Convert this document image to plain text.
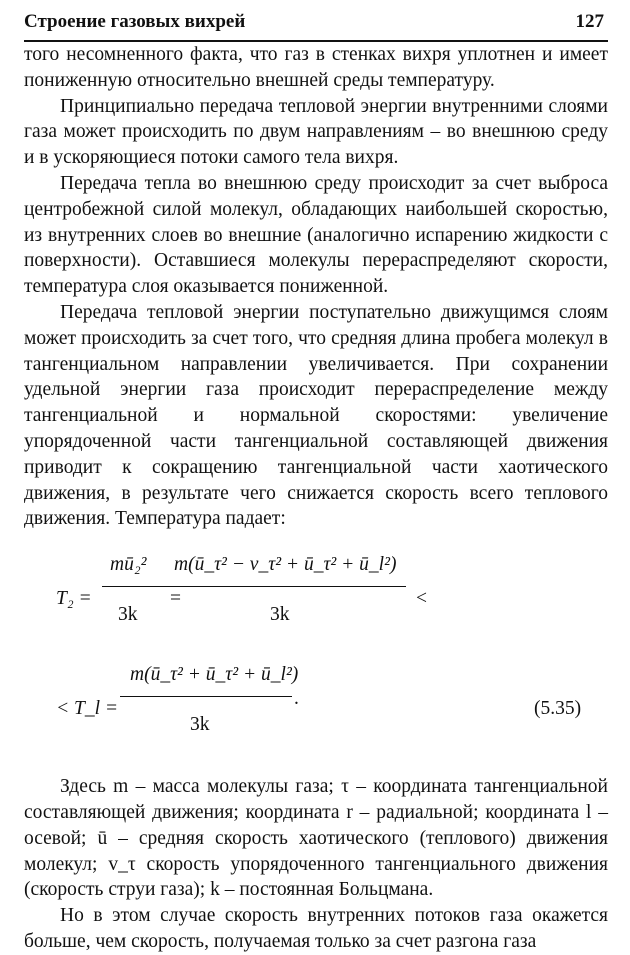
Строение газовых вихрей	127

того несомненного факта, что газ в стенках вихря уплотнен и имеет пониженную относительно внешней среды температуру.

Принципиально передача тепловой энергии внутренними слоями газа может происходить по двум направлениям – во внешнюю среду и в ускоряющиеся потоки самого тела вихря.

Передача тепла во внешнюю среду происходит за счет выброса центробежной силой молекул, обладающих наибольшей скоростью, из внутренних слоев во внешние (аналогично испарению жидкости с поверхности). Оставшиеся молекулы перераспределяют скорости, температура слоя оказывается пониженной.

Передача тепловой энергии поступательно движущимся слоям может происходить за счет того, что средняя длина пробега молекул в тангенциальном направлении увеличивается. При сохранении удельной энергии газа происходит перераспределение между тангенциальной и нормальной скоростями: увеличение упорядоченной части тангенциальной составляющей движения приводит к сокращению тангенциальной части хаотического движения, в результате чего снижается скорость всего теплового движения. Температура падает:

T₂ =
mū₂²
3k
=
m(ū_τ² − v_τ² + ū_τ² + ū_l²)
3k
<
< T_l =
m(ū_τ² + ū_τ² + ū_l²)
.
3k
(5.35)

Здесь m – масса молекулы газа; τ – координата тангенциальной составляющей движения; координата r – радиальной; координата l – осевой; ū – средняя скорость хаотического (теплового) движения молекул; v_τ скорость упорядоченного тангенциального движения (скорость струи газа); k – постоянная Больцмана.

Но в этом случае скорость внутренних потоков газа окажется больше, чем скорость, получаемая только за счет разгона газа
